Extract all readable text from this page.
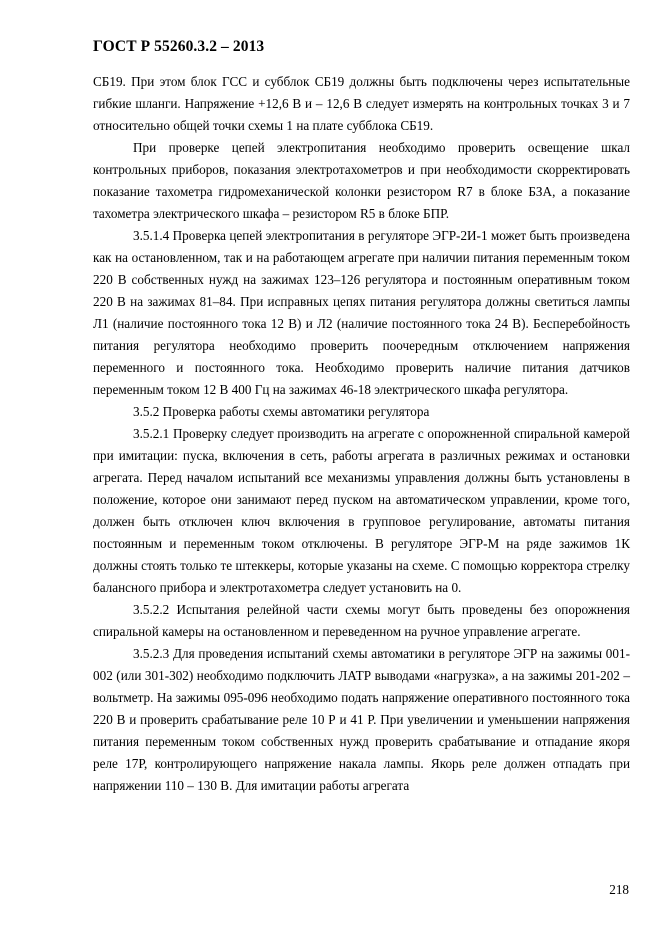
ГОСТ Р 55260.3.2 – 2013

СБ19. При этом блок ГСС и субблок СБ19 должны быть подключены через испытательные гибкие шланги. Напряжение +12,6 В и – 12,6 В следует измерять на контрольных точках 3 и 7 относительно общей точки схемы 1 на плате субблока СБ19.

При проверке цепей электропитания необходимо проверить освещение шкал контрольных приборов, показания электротахометров и при необходимости скорректировать показание тахометра гидромеханической колонки резистором R7 в блоке БЗА, а показание тахометра электрического шкафа – резистором R5 в блоке БПР.

3.5.1.4 Проверка цепей электропитания в регуляторе ЭГР-2И-1 может быть произведена как на остановленном, так и на работающем агрегате при наличии питания переменным током 220 В собственных нужд на зажимах 123–126 регулятора и постоянным оперативным током 220 В на зажимах 81–84. При исправных цепях питания регулятора должны светиться лампы Л1 (наличие постоянного тока 12 В) и Л2 (наличие постоянного тока 24 В). Бесперебойность питания регулятора необходимо проверить поочередным отключением напряжения переменного и постоянного тока. Необходимо проверить наличие питания датчиков переменным током 12 В 400 Гц на зажимах 46-18 электрического шкафа регулятора.

3.5.2 Проверка работы схемы автоматики регулятора

3.5.2.1 Проверку следует производить на агрегате с опорожненной спиральной камерой при имитации: пуска, включения в сеть, работы агрегата в различных режимах и остановки агрегата. Перед началом испытаний все механизмы управления должны быть установлены в положение, которое они занимают перед пуском на автоматическом управлении, кроме того, должен быть отключен ключ включения в групповое регулирование, автоматы питания постоянным и переменным током отключены. В регуляторе ЭГР-М на ряде зажимов 1К должны стоять только те штеккеры, которые указаны на схеме. С помощью корректора стрелку балансного прибора и электротахометра следует установить на 0.

3.5.2.2 Испытания релейной части схемы могут быть проведены без опорожнения спиральной камеры на остановленном и переведенном на ручное управление агрегате.

3.5.2.3 Для проведения испытаний схемы автоматики в регуляторе ЭГР на зажимы 001-002 (или 301-302) необходимо подключить ЛАТР выводами «нагрузка», а на зажимы 201-202 – вольтметр. На зажимы 095-096 необходимо подать напряжение оперативного постоянного тока 220 В и проверить срабатывание реле 10 Р и 41 Р. При увеличении и уменьшении напряжения питания переменным током собственных нужд проверить срабатывание и отпадание якоря реле 17Р, контролирующего напряжение накала лампы. Якорь реле должен отпадать при напряжении 110 – 130 В. Для имитации работы агрегата

218
